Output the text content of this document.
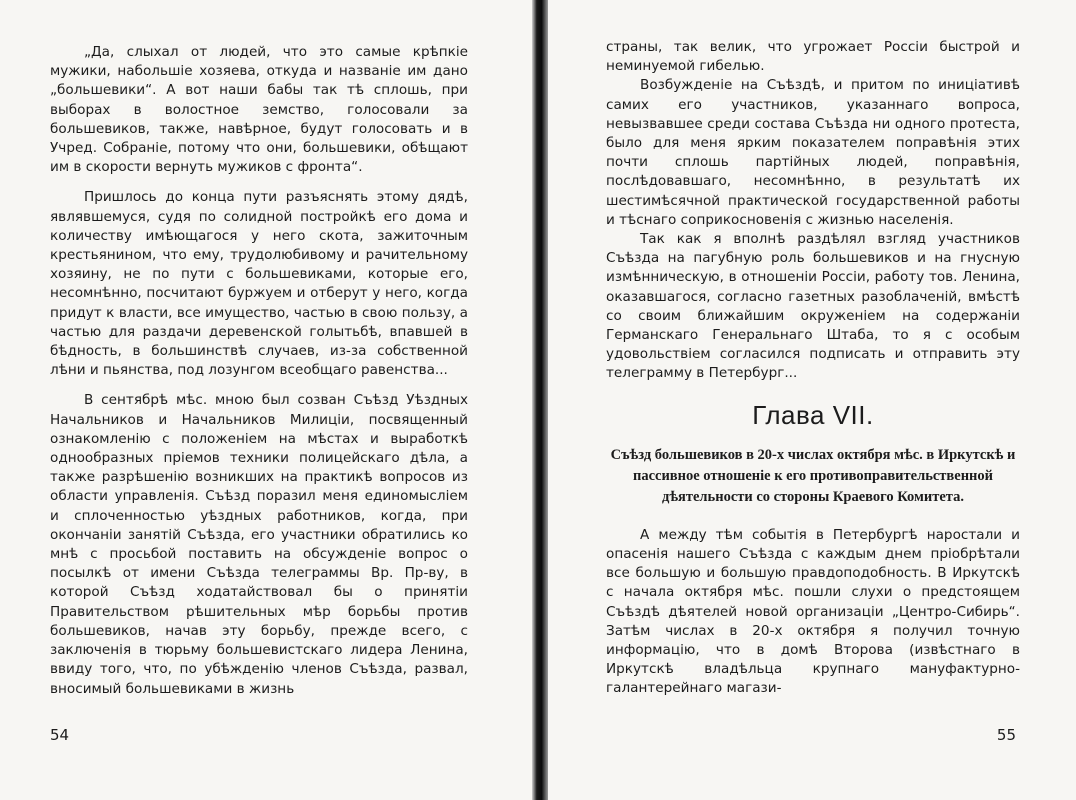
„Да, слыхал от людей, что это самые крѣпкіе мужики, набольшіе хозяева, откуда и названіе им дано „большевики“. А вот наши бабы так тѣ сплошь, при выборах в волостное земство, голосовали за большевиков, также, навѣрное, будут голосовать и в Учред. Собраніе, потому что они, большевики, обѣщают им в скорости вернуть мужиков с фронта“.

Пришлось до конца пути разъяснять этому дядѣ, являвшемуся, судя по солидной постройкѣ его дома и количеству имѣющагося у него скота, зажиточным крестьянином, что ему, трудолюбивому и рачительному хозяину, не по пути с большевиками, которые его, несомнѣнно, посчитают буржуем и отберут у него, когда придут к власти, все имущество, частью в свою пользу, а частью для раздачи деревенской голытьбѣ, впавшей в бѣдность, в большинствѣ случаев, из-за собственной лѣни и пьянства, под лозунгом всеобщаго равенства...

В сентябрѣ мѣс. мною был созван Съѣзд Уѣздных Начальников и Начальников Милиціи, посвященный ознакомленію с положеніем на мѣстах и выработкѣ однообразных пріемов техники полицейскаго дѣла, а также разрѣшенію возникших на практикѣ вопросов из области управленія. Съѣзд поразил меня единомысліем и сплоченностью уѣздных работников, когда, при окончаніи занятій Съѣзда, его участники обратились ко мнѣ с просьбой поставить на обсужденіе вопрос о посылкѣ от имени Съѣзда телеграммы Вр. Пр-ву, в которой Съѣзд ходатайствовал бы о принятіи Правительством рѣшительных мѣр борьбы против большевиков, начав эту борьбу, прежде всего, с заключенія в тюрьму большевистскаго лидера Ленина, ввиду того, что, по убѣжденію членов Съѣзда, развал, вносимый большевиками в жизнь

54

страны, так велик, что угрожает Россіи быстрой и неминуемой гибелью.

Возбужденіе на Съѣздѣ, и притом по иниціативѣ самих его участников, указаннаго вопроса, невызвавшее среди состава Съѣзда ни одного протеста, было для меня ярким показателем поправѣнія этих почти сплошь партійных людей, поправѣнія, послѣдовавшаго, несомнѣнно, в результатѣ их шестимѣсячной практической государственной работы и тѣснаго соприкосновенія с жизнью населенія.

Так как я вполнѣ раздѣлял взгляд участников Съѣзда на пагубную роль большевиков и на гнусную измѣнническую, в отношеніи Россіи, работу тов. Ленина, оказавшагося, согласно газетных разоблаченій, вмѣстѣ со своим ближайшим окруженіем на содержаніи Германскаго Генеральнаго Штаба, то я с особым удовольствіем согласился подписать и отправить эту телеграмму в Петербург...

Глава VII.
Съѣзд большевиков в 20-х числах октября мѣс. в Иркутскѣ и пассивное отношеніе к его противоправительственной дѣятельности со стороны Краевого Комитета.

А между тѣм событія в Петербургѣ наростали и опасенія нашего Съѣзда с каждым днем пріобрѣтали все большую и большую правдоподобность. В Иркутскѣ с начала октября мѣс. пошли слухи о предстоящем Съѣздѣ дѣятелей новой организаціи „Центро-Сибирь“. Затѣм числах в 20-х октября я получил точную информацію, что в домѣ Второва (извѣстнаго в Иркутскѣ владѣльца крупнаго мануфактурно-галантерейнаго магази-

55
